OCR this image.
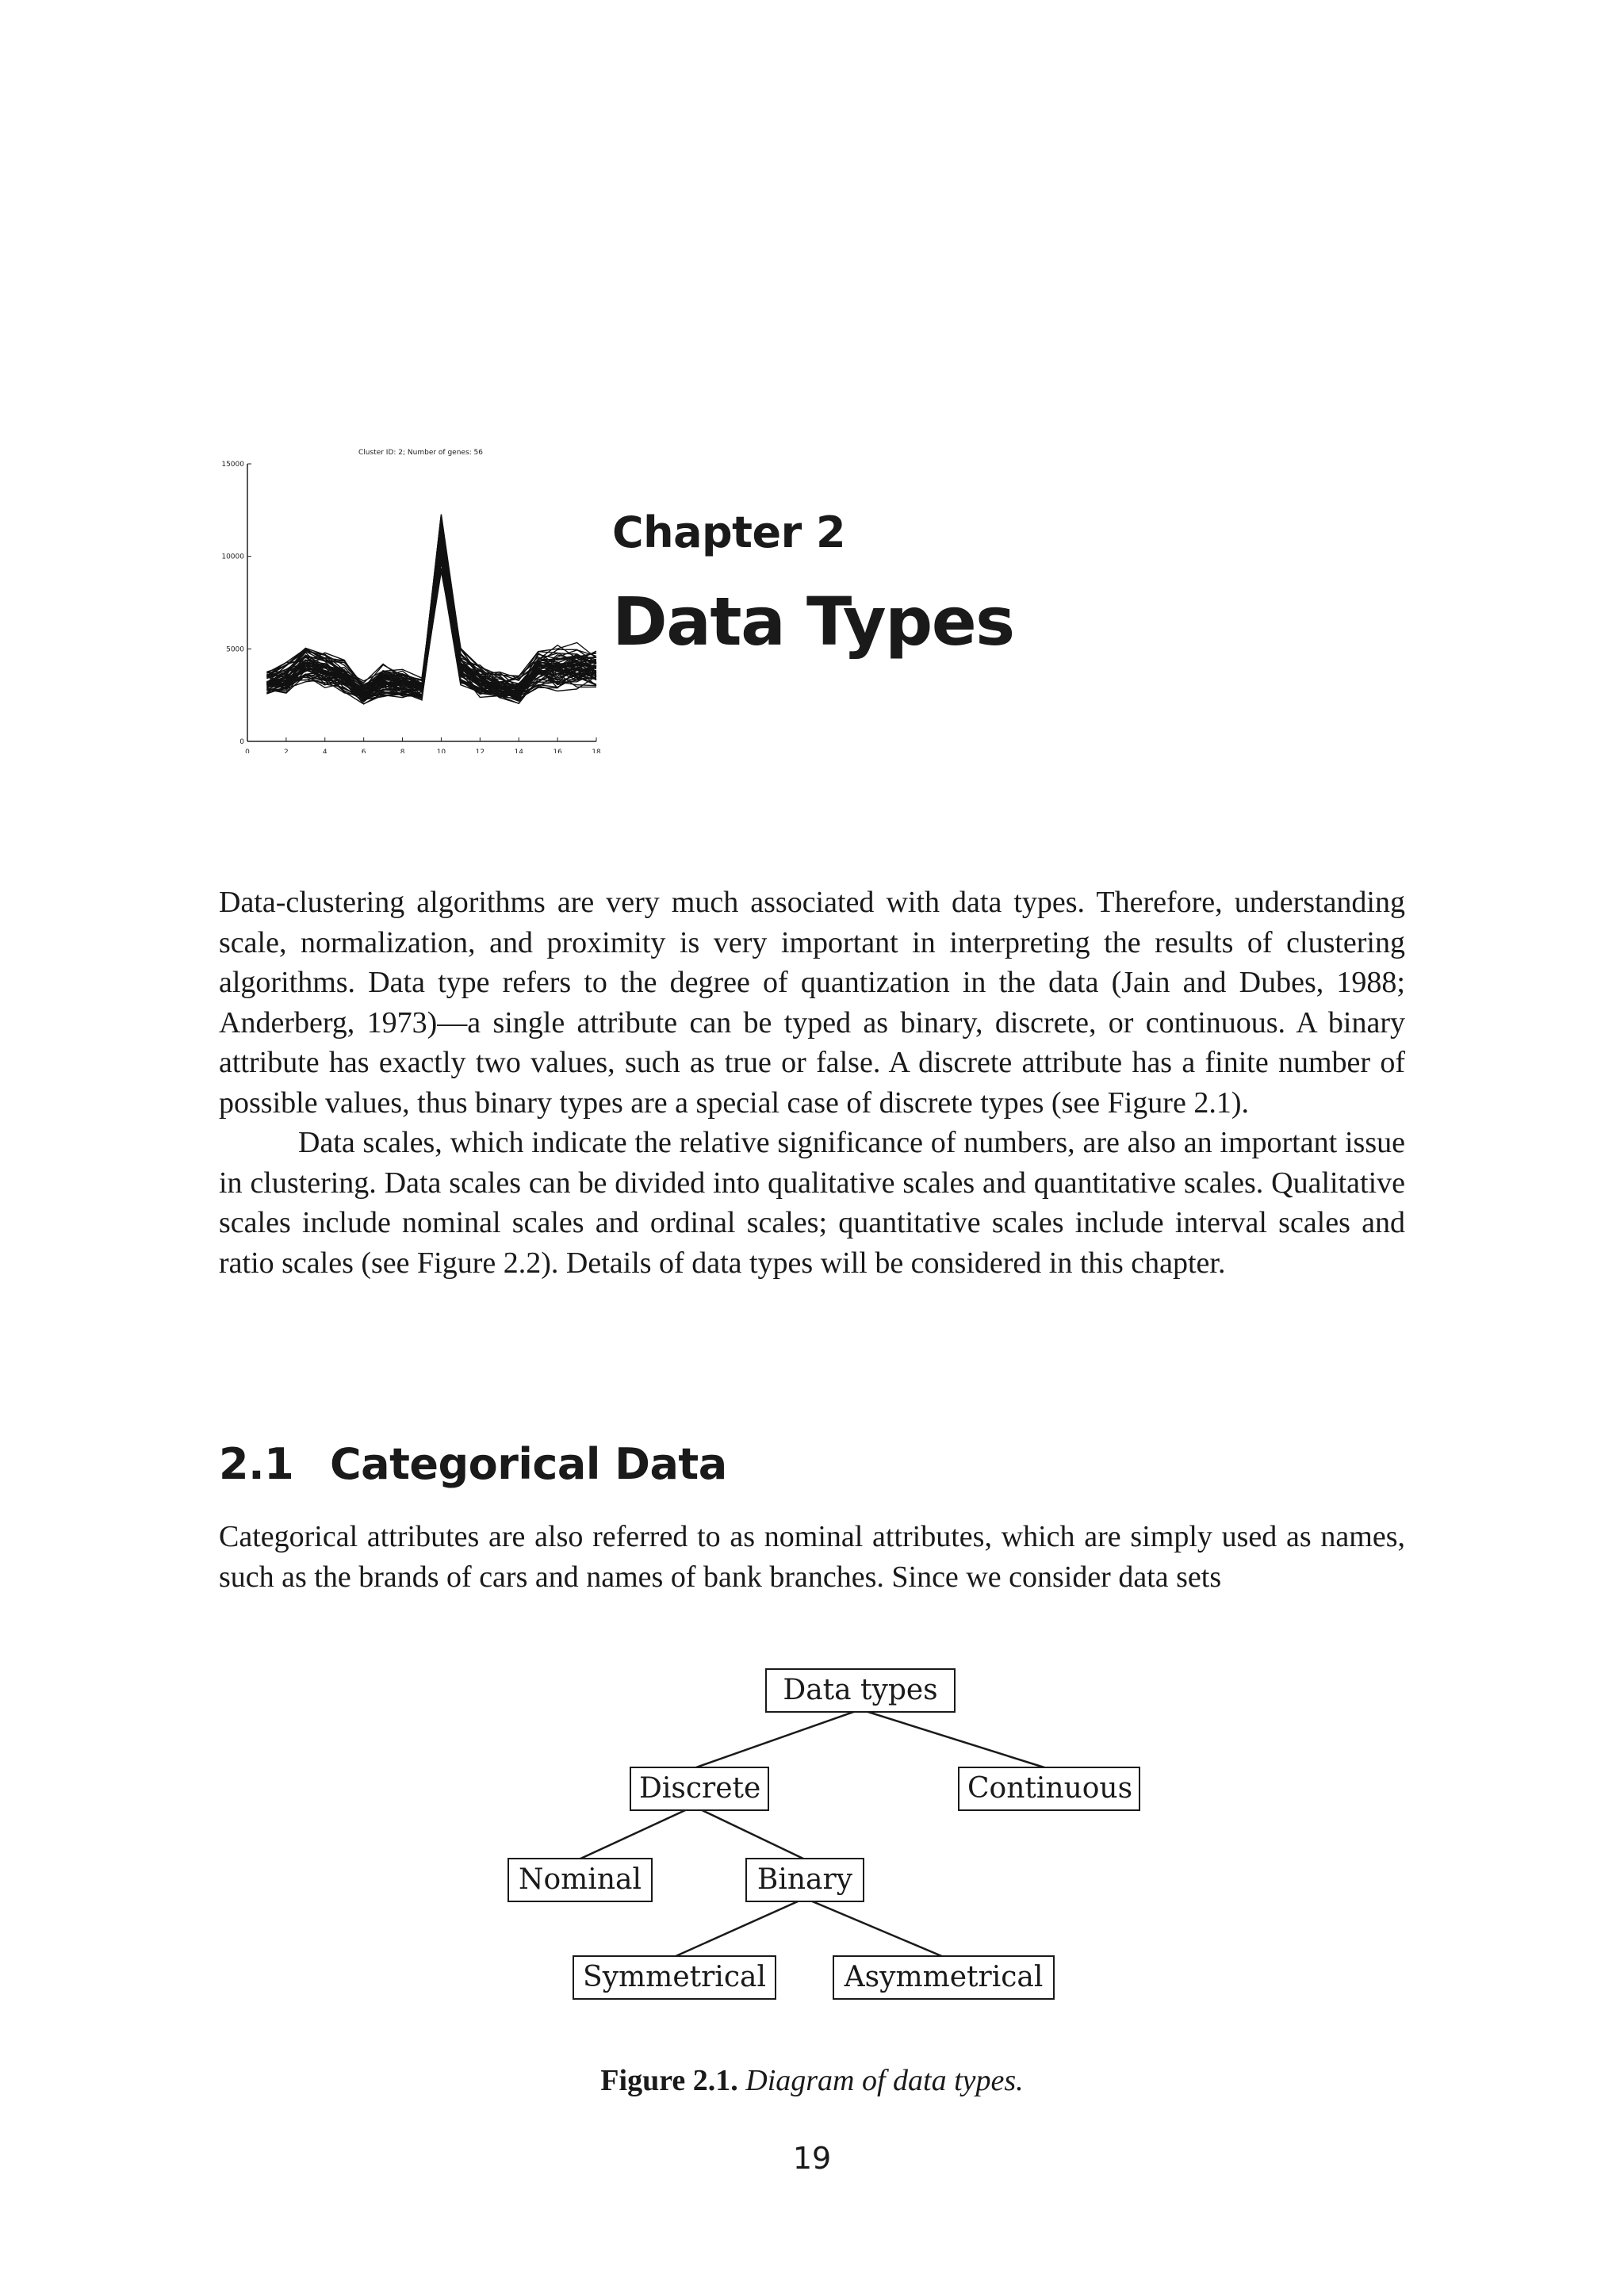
Cluster ID: 2; Number of genes: 56
0	2	4	6	8	10	12	14	16	18
0
5000
10000
15000
Chapter 2
Data Types

Data-clustering algorithms are very much associated with data types. Therefore, understanding scale, normalization, and proximity is very important in interpreting the results of clustering algorithms. Data type refers to the degree of quantization in the data (Jain and Dubes, 1988; Anderberg, 1973)—a single attribute can be typed as binary, discrete, or continuous. A binary attribute has exactly two values, such as true or false. A discrete attribute has a finite number of possible values, thus binary types are a special case of discrete types (see Figure 2.1).

Data scales, which indicate the relative significance of numbers, are also an important issue in clustering. Data scales can be divided into qualitative scales and quantitative scales. Qualitative scales include nominal scales and ordinal scales; quantitative scales include interval scales and ratio scales (see Figure 2.2). Details of data types will be considered in this chapter.

2.1 Categorical Data

Categorical attributes are also referred to as nominal attributes, which are simply used as names, such as the brands of cars and names of bank branches. Since we consider data sets

Data types
Discrete	Continuous
Nominal	Binary
Symmetrical	Asymmetrical
Figure 2.1. Diagram of data types.
19
